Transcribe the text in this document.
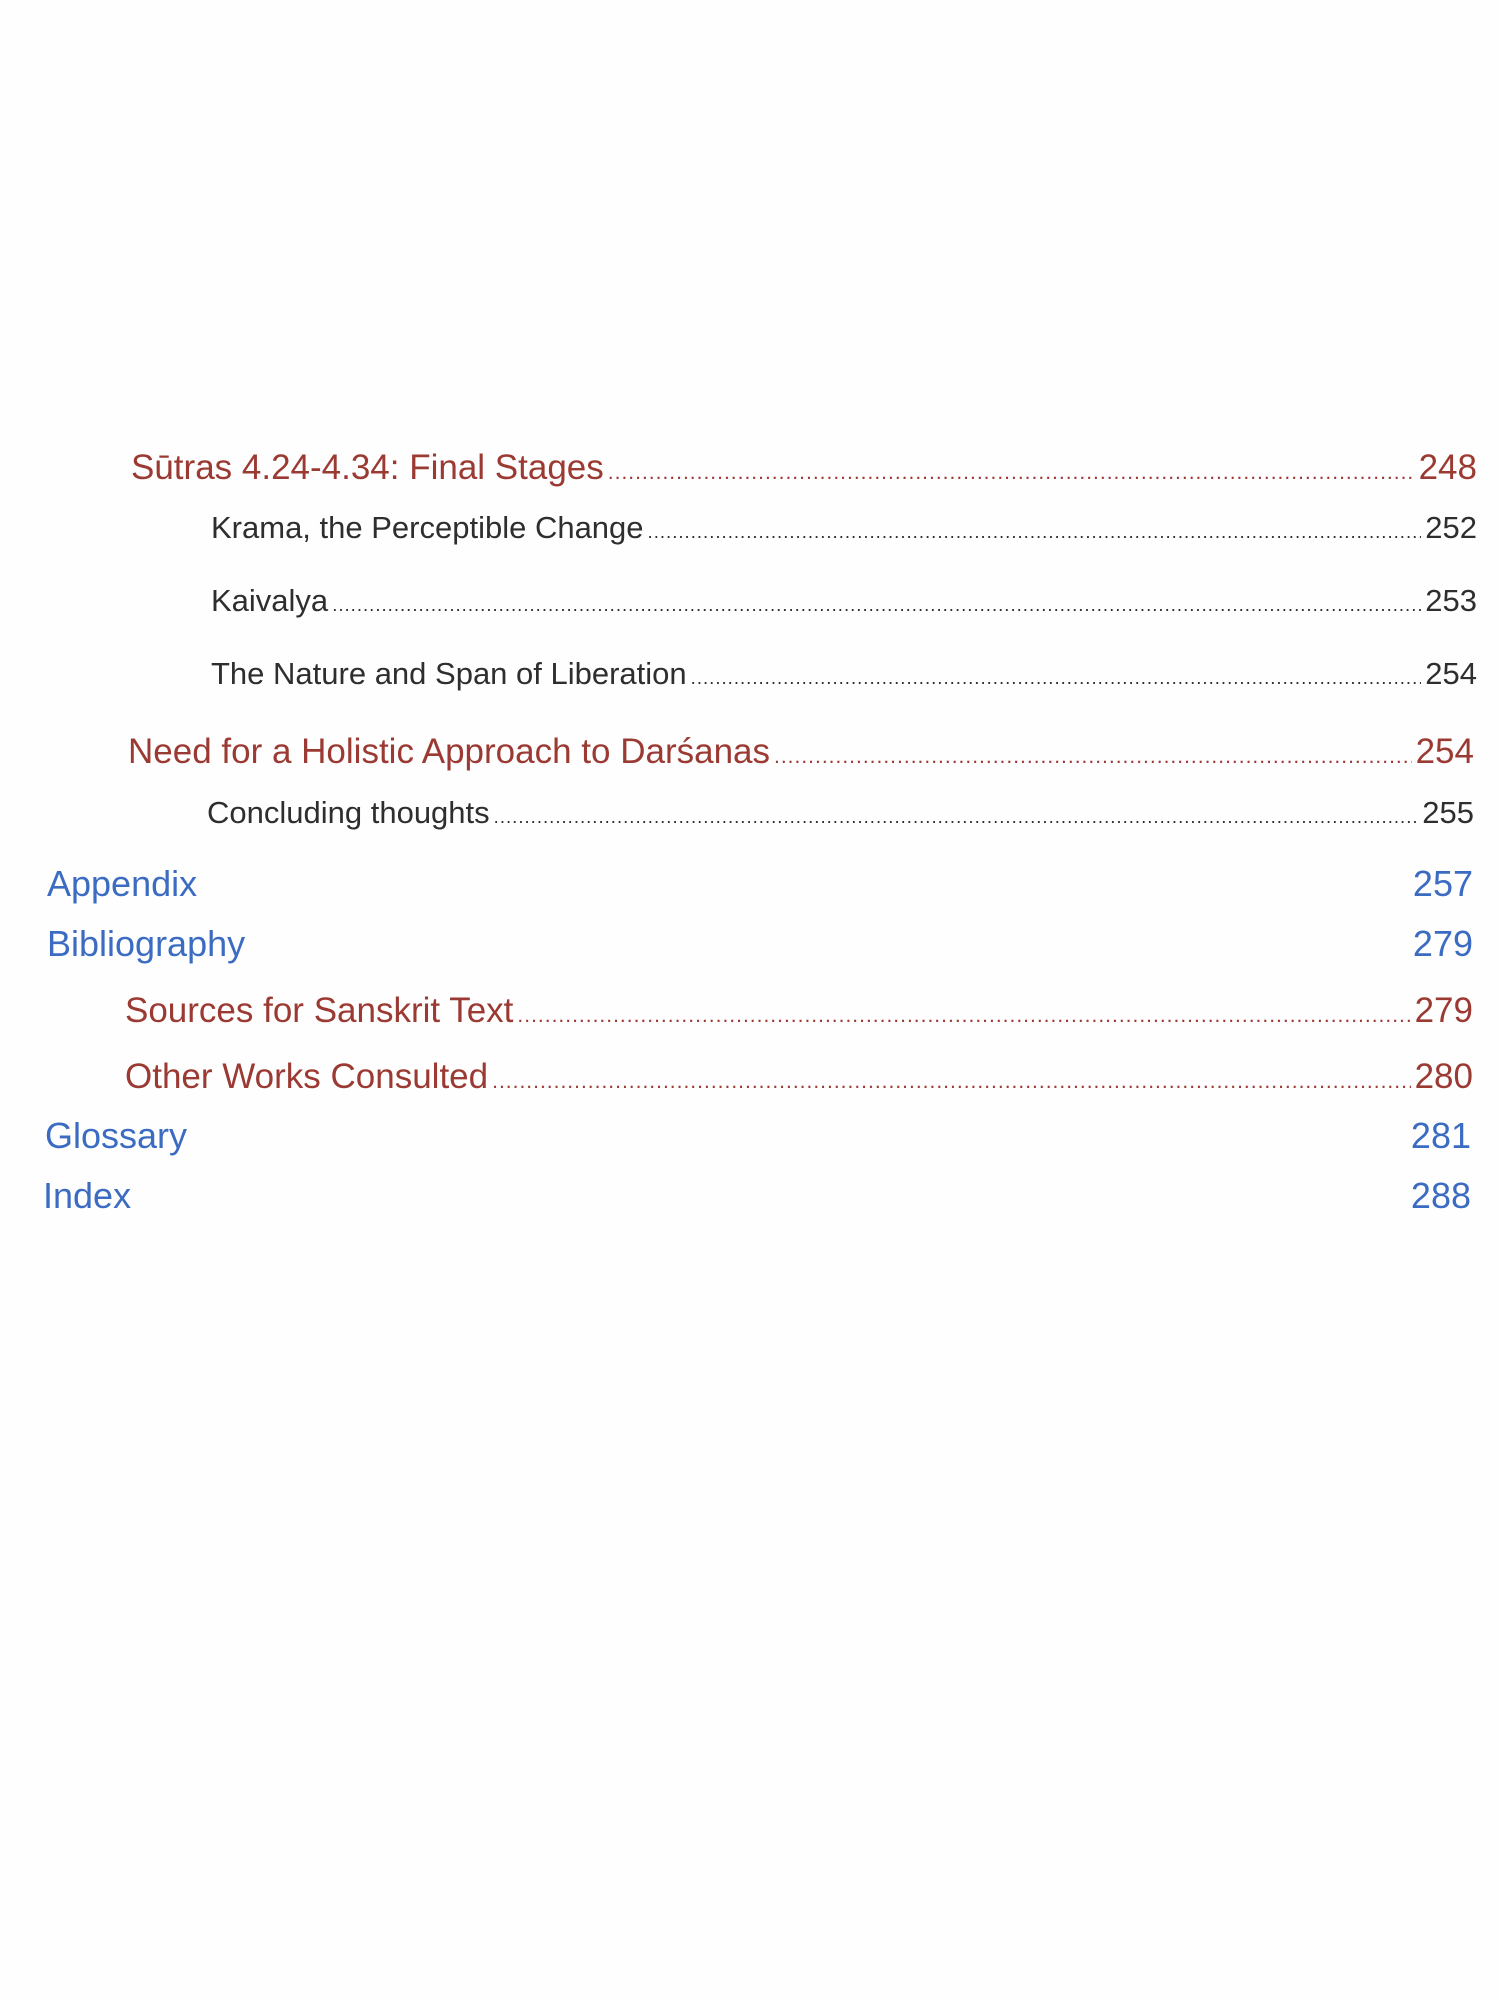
Sūtras 4.24-4.34: Final Stages .....	248
Krama, the Perceptible Change .....	252
Kaivalya .....	253
The Nature and Span of Liberation .....	254
Need for a Holistic Approach to Darśanas .....	254
Concluding thoughts .....	255
Appendix	257
Bibliography	279
Sources for Sanskrit Text .....	279
Other Works Consulted .....	280
Glossary	281
Index	288
